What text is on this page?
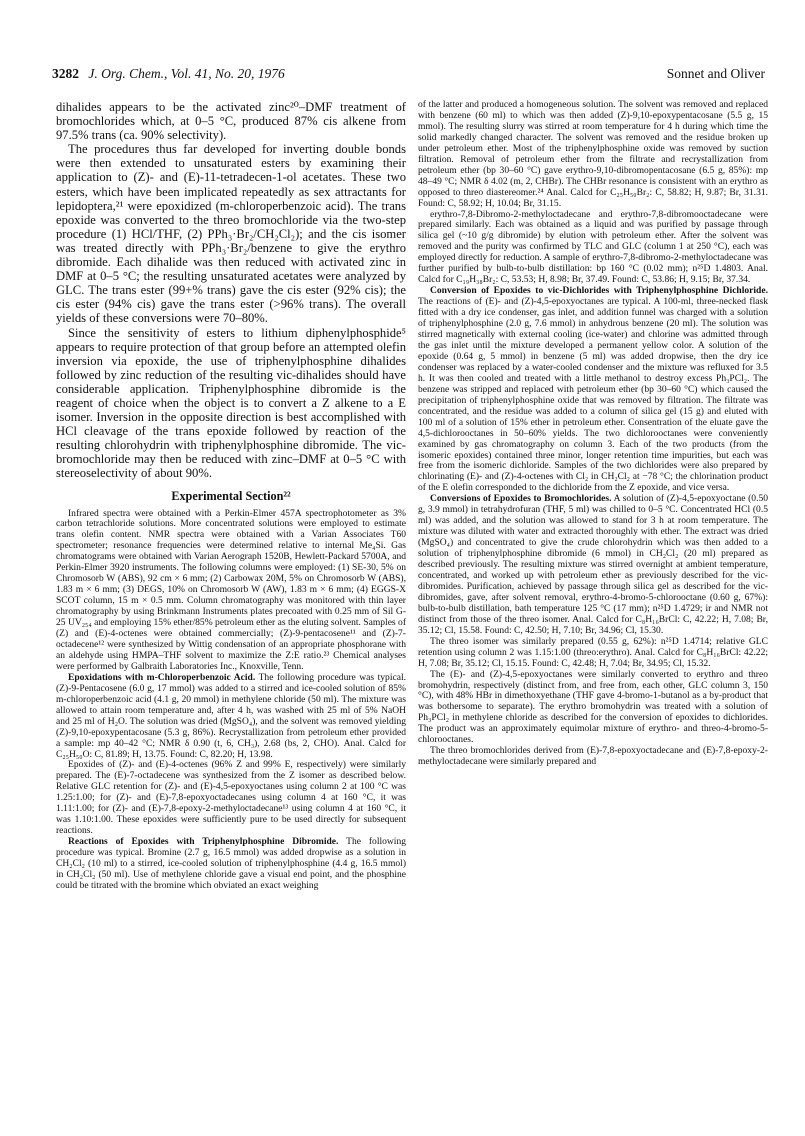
3282 J. Org. Chem., Vol. 41, No. 20, 1976	Sonnet and Oliver

dihalides appears to be the activated zinc²⁰–DMF treatment of bromochlorides which, at 0–5 °C, produced 87% cis alkene from 97.5% trans (ca. 90% selectivity).

The procedures thus far developed for inverting double bonds were then extended to unsaturated esters by examining their application to (Z)- and (E)-11-tetradecen-1-ol acetates. These two esters, which have been implicated repeatedly as sex attractants for lepidoptera,²¹ were epoxidized (m-chloroperbenzoic acid). The trans epoxide was converted to the threo bromochloride via the two-step procedure (1) HCl/THF, (2) PPh₃·Br₂/CH₂Cl₂); and the cis isomer was treated directly with PPh₃·Br₂/benzene to give the erythro dibromide. Each dihalide was then reduced with activated zinc in DMF at 0–5 °C; the resulting unsaturated acetates were analyzed by GLC. The trans ester (99+% trans) gave the cis ester (92% cis); the cis ester (94% cis) gave the trans ester (>96% trans). The overall yields of these conversions were 70–80%.

Since the sensitivity of esters to lithium diphenylphosphide⁵ appears to require protection of that group before an attempted olefin inversion via epoxide, the use of triphenylphosphine dihalides followed by zinc reduction of the resulting vic-dihalides should have considerable application. Triphenylphosphine dibromide is the reagent of choice when the object is to convert a Z alkene to a E isomer. Inversion in the opposite direction is best accomplished with HCl cleavage of the trans epoxide followed by reaction of the resulting chlorohydrin with triphenylphosphine dibromide. The vic-bromochloride may then be reduced with zinc–DMF at 0–5 °C with stereoselectivity of about 90%.

Experimental Section²²

Infrared spectra were obtained with a Perkin-Elmer 457A spectrophotometer as 3% carbon tetrachloride solutions. More concentrated solutions were employed to estimate trans olefin content. NMR spectra were obtained with a Varian Associates T60 spectrometer; resonance frequencies were determined relative to internal Me₄Si. Gas chromatograms were obtained with Varian Aerograph 1520B, Hewlett-Packard 5700A, and Perkin-Elmer 3920 instruments. The following columns were employed: (1) SE-30, 5% on Chromosorb W (ABS), 92 cm × 6 mm; (2) Carbowax 20M, 5% on Chromosorb W (ABS), 1.83 m × 6 mm; (3) DEGS, 10% on Chromosorb W (AW), 1.83 m × 6 mm; (4) EGGS-X SCOT column, 15 m × 0.5 mm. Column chromatography was monitored with thin layer chromatography by using Brinkmann Instruments plates precoated with 0.25 mm of Sil G-25 UV₂₅₄ and employing 15% ether/85% petroleum ether as the eluting solvent. Samples of (Z) and (E)-4-octenes were obtained commercially; (Z)-9-pentacosene¹¹ and (Z)-7-octadecene¹² were synthesized by Wittig condensation of an appropriate phosphorane with an aldehyde using HMPA–THF solvent to maximize the Z:E ratio.²³ Chemical analyses were performed by Galbraith Laboratories Inc., Knoxville, Tenn.

Epoxidations with m-Chloroperbenzoic Acid. The following procedure was typical. (Z)-9-Pentacosene (6.0 g, 17 mmol) was added to a stirred and ice-cooled solution of 85% m-chloroperbenzoic acid (4.1 g, 20 mmol) in methylene chloride (50 ml). The mixture was allowed to attain room temperature and, after 4 h, was washed with 25 ml of 5% NaOH and 25 ml of H₂O. The solution was dried (MgSO₄), and the solvent was removed yielding (Z)-9,10-epoxypentacosane (5.3 g, 86%). Recrystallization from petroleum ether provided a sample: mp 40–42 °C; NMR δ 0.90 (t, 6, CH₃), 2.68 (bs, 2, CHO). Anal. Calcd for C₂₅H₅₀O: C, 81.89; H, 13.75. Found: C, 82.20; H, 13.98.

Epoxides of (Z)- and (E)-4-octenes (96% Z and 99% E, respectively) were similarly prepared. The (E)-7-octadecene was synthesized from the Z isomer as described below. Relative GLC retention for (Z)- and (E)-4,5-epoxyoctanes using column 2 at 100 °C was 1.25:1.00; for (Z)- and (E)-7,8-epoxyoctadecanes using column 4 at 160 °C, it was 1.11:1.00; for (Z)- and (E)-7,8-epoxy-2-methyloctadecane¹³ using column 4 at 160 °C, it was 1.10:1.00. These epoxides were sufficiently pure to be used directly for subsequent reactions.

Reactions of Epoxides with Triphenylphosphine Dibromide. The following procedure was typical. Bromine (2.7 g, 16.5 mmol) was added dropwise as a solution in CH₂Cl₂ (10 ml) to a stirred, ice-cooled solution of triphenylphosphine (4.4 g, 16.5 mmol) in CH₂Cl₂ (50 ml). Use of methylene chloride gave a visual end point, and the phosphine could be titrated with the bromine which obviated an exact weighing

of the latter and produced a homogeneous solution. The solvent was removed and replaced with benzene (60 ml) to which was then added (Z)-9,10-epoxypentacosane (5.5 g, 15 mmol). The resulting slurry was stirred at room temperature for 4 h during which time the solid markedly changed character. The solvent was removed and the residue broken up under petroleum ether. Most of the triphenylphosphine oxide was removed by suction filtration. Removal of petroleum ether from the filtrate and recrystallization from petroleum ether (bp 30–60 °C) gave erythro-9,10-dibromopentacosane (6.5 g, 85%): mp 48–49 °C; NMR δ 4.02 (m, 2, CHBr). The CHBr resonance is consistent with an erythro as opposed to threo diastereomer.²⁴ Anal. Calcd for C₂₅H₅₀Br₂: C, 58.82; H, 9.87; Br, 31.31. Found: C, 58.92; H, 10.04; Br, 31.15.

erythro-7,8-Dibromo-2-methyloctadecane and erythro-7,8-dibromooctadecane were prepared similarly. Each was obtained as a liquid and was purified by passage through silica gel (~10 g/g dibromide) by elution with petroleum ether. After the solvent was removed and the purity was confirmed by TLC and GLC (column 1 at 250 °C), each was employed directly for reduction. A sample of erythro-7,8-dibromo-2-methyloctadecane was further purified by bulb-to-bulb distillation: bp 160 °C (0.02 mm); n²⁵D 1.4803. Anal. Calcd for C₁₉H₃₈Br₂: C, 53.53; H, 8.98; Br, 37.49. Found: C, 53.86; H, 9.15; Br, 37.34.

Conversion of Epoxides to vic-Dichlorides with Triphenylphosphine Dichloride. The reactions of (E)- and (Z)-4,5-epoxyoctanes are typical. A 100-ml, three-necked flask fitted with a dry ice condenser, gas inlet, and addition funnel was charged with a solution of triphenylphosphine (2.0 g, 7.6 mmol) in anhydrous benzene (20 ml). The solution was stirred magnetically with external cooling (ice-water) and chlorine was admitted through the gas inlet until the mixture developed a permanent yellow color. A solution of the epoxide (0.64 g, 5 mmol) in benzene (5 ml) was added dropwise, then the dry ice condenser was replaced by a water-cooled condenser and the mixture was refluxed for 3.5 h. It was then cooled and treated with a little methanol to destroy excess Ph₃PCl₂. The benzene was stripped and replaced with petroleum ether (bp 30–60 °C) which caused the precipitation of triphenylphosphine oxide that was removed by filtration. The filtrate was concentrated, and the residue was added to a column of silica gel (15 g) and eluted with 100 ml of a solution of 15% ether in petroleum ether. Consentration of the eluate gave the 4,5-dichlorooctanes in 50–60% yields. The two dichlorooctanes were conveniently examined by gas chromatography on column 3. Each of the two products (from the isomeric epoxides) contained three minor, longer retention time impurities, but each was free from the isomeric dichloride. Samples of the two dichlorides were also prepared by chlorinating (E)- and (Z)-4-octenes with Cl₂ in CH₂Cl₂ at −78 °C; the chlorination product of the E olefin corresponded to the dichloride from the Z epoxide, and vice versa.

Conversions of Epoxides to Bromochlorides. A solution of (Z)-4,5-epoxyoctane (0.50 g, 3.9 mmol) in tetrahydrofuran (THF, 5 ml) was chilled to 0–5 °C. Concentrated HCl (0.5 ml) was added, and the solution was allowed to stand for 3 h at room temperature. The mixture was diluted with water and extracted thoroughly with ether. The extract was dried (MgSO₄) and concentrated to give the crude chlorohydrin which was then added to a solution of triphenylphosphine dibromide (6 mmol) in CH₂Cl₂ (20 ml) prepared as described previously. The resulting mixture was stirred overnight at ambient temperature, concentrated, and worked up with petroleum ether as previously described for the vic-dibromides. Purification, achieved by passage through silica gel as described for the vic-dibromides, gave, after solvent removal, erythro-4-bromo-5-chlorooctane (0.60 g, 67%): bulb-to-bulb distillation, bath temperature 125 °C (17 mm); n²⁵D 1.4729; ir and NMR not distinct from those of the threo isomer. Anal. Calcd for C₈H₁₆BrCl: C, 42.22; H, 7.08; Br, 35.12; Cl, 15.58. Found: C, 42.50; H, 7.10; Br, 34.96; Cl, 15.30.

The threo isomer was similarly prepared (0.55 g, 62%): n²⁵D 1.4714; relative GLC retention using column 2 was 1.15:1.00 (threo:erythro). Anal. Calcd for C₈H₁₆BrCl: 42.22; H, 7.08; Br, 35.12; Cl, 15.15. Found: C, 42.48; H, 7.04; Br, 34.95; Cl, 15.32.

The (E)- and (Z)-4,5-epoxyoctanes were similarly converted to erythro and threo bromohydrin, respectively (distinct from, and free from, each other, GLC column 3, 150 °C), with 48% HBr in dimethoxyethane (THF gave 4-bromo-1-butanol as a by-product that was bothersome to separate). The erythro bromohydrin was treated with a solution of Ph₃PCl₂ in methylene chloride as described for the conversion of epoxides to dichlorides. The product was an approximately equimolar mixture of erythro- and threo-4-bromo-5-chlorooctanes.

The threo bromochlorides derived from (E)-7,8-epoxyoctadecane and (E)-7,8-epoxy-2-methyloctadecane were similarly prepared and
